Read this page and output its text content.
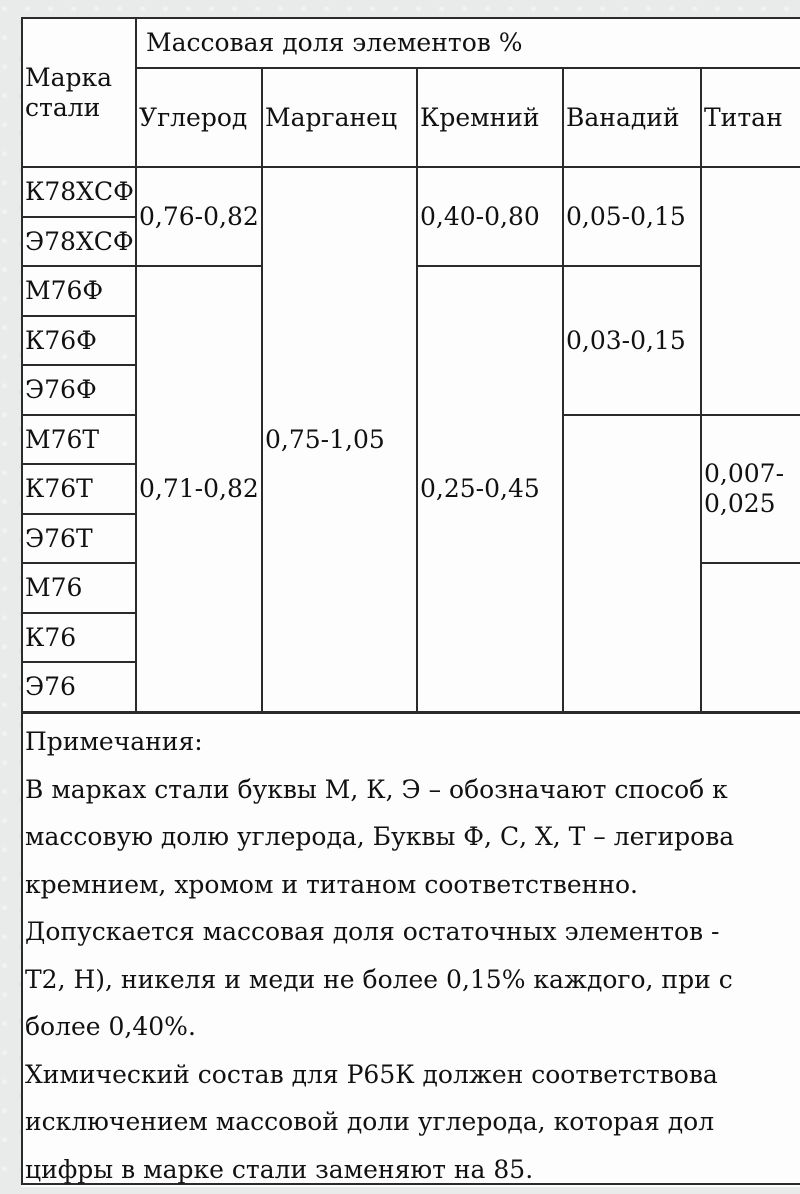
Марка
стали	Массовая доля элементов %				
	Углерод	Марганец	Кремний	Ванадий	Титан
К78ХСФ	0,76-0,82	0,75-1,05	0,40-0,80	0,05-0,15	
Э78ХСФ					
М76Ф	0,71-0,82		0,25-0,45	0,03-0,15	
К76Ф					
Э76Ф					
М76Т					0,007-
0,025
К76Т					
Э76Т					
М76					
К76					
Э76					

Примечания:

В марках стали буквы М, К, Э – обозначают способ к

массовую долю углерода, Буквы Ф, С, Х, Т – легирова

кремнием, хромом и титаном соответственно.

Допускается массовая доля остаточных элементов -

Т2, Н), никеля и меди не более 0,15% каждого, при с

более 0,40%.

Химический состав для Р65К должен соответствова

исключением массовой доли углерода, которая дол

цифры в марке стали заменяют на 85.
